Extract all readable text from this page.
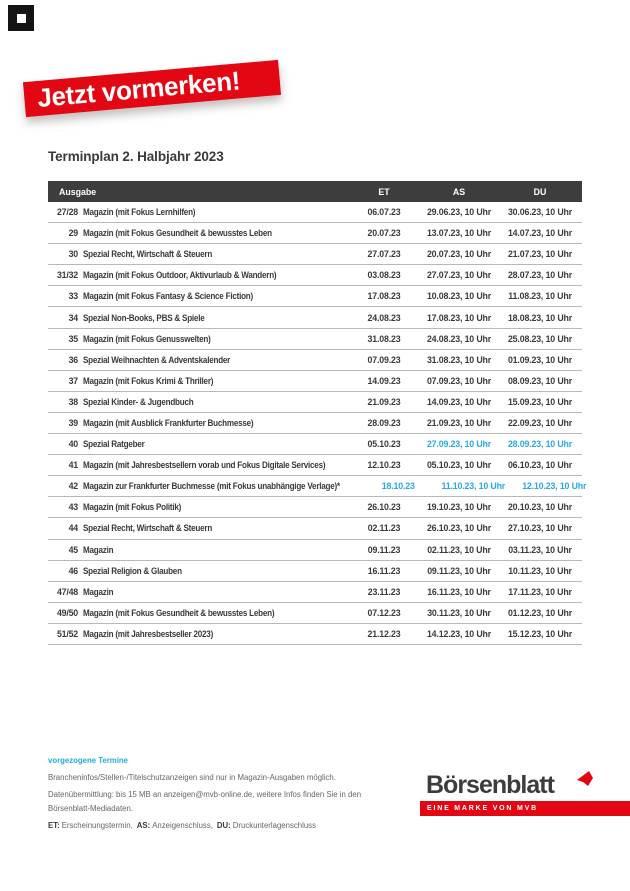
Jetzt vormerken!
Terminplan 2. Halbjahr 2023
Ausgabe	ET	AS	DU
27/28 Magazin (mit Fokus Lernhilfen)	06.07.23	29.06.23, 10 Uhr	30.06.23, 10 Uhr
29 Magazin (mit Fokus Gesundheit & bewusstes Leben	20.07.23	13.07.23, 10 Uhr	14.07.23, 10 Uhr
30 Spezial Recht, Wirtschaft & Steuern	27.07.23	20.07.23, 10 Uhr	21.07.23, 10 Uhr
31/32 Magazin (mit Fokus Outdoor, Aktivurlaub & Wandern)	03.08.23	27.07.23, 10 Uhr	28.07.23, 10 Uhr
33 Magazin (mit Fokus Fantasy & Science Fiction)	17.08.23	10.08.23, 10 Uhr	11.08.23, 10 Uhr
34 Spezial Non-Books, PBS & Spiele	24.08.23	17.08.23, 10 Uhr	18.08.23, 10 Uhr
35 Magazin (mit Fokus Genusswelten)	31.08.23	24.08.23, 10 Uhr	25.08.23, 10 Uhr
36 Spezial Weihnachten & Adventskalender	07.09.23	31.08.23, 10 Uhr	01.09.23, 10 Uhr
37 Magazin (mit Fokus Krimi & Thriller)	14.09.23	07.09.23, 10 Uhr	08.09.23, 10 Uhr
38 Spezial Kinder- & Jugendbuch	21.09.23	14.09.23, 10 Uhr	15.09.23, 10 Uhr
39 Magazin (mit Ausblick Frankfurter Buchmesse)	28.09.23	21.09.23, 10 Uhr	22.09.23, 10 Uhr
40 Spezial Ratgeber	05.10.23	27.09.23, 10 Uhr	28.09.23, 10 Uhr
41 Magazin (mit Jahresbestsellern vorab und Fokus Digitale Services)	12.10.23	05.10.23, 10 Uhr	06.10.23, 10 Uhr
42 Magazin zur Frankfurter Buchmesse (mit Fokus unabhängige Verlage)*	18.10.23	11.10.23, 10 Uhr	12.10.23, 10 Uhr
43 Magazin (mit Fokus Politik)	26.10.23	19.10.23, 10 Uhr	20.10.23, 10 Uhr
44 Spezial Recht, Wirtschaft & Steuern	02.11.23	26.10.23, 10 Uhr	27.10.23, 10 Uhr
45 Magazin	09.11.23	02.11.23, 10 Uhr	03.11.23, 10 Uhr
46 Spezial Religion & Glauben	16.11.23	09.11.23, 10 Uhr	10.11.23, 10 Uhr
47/48 Magazin	23.11.23	16.11.23, 10 Uhr	17.11.23, 10 Uhr
49/50 Magazin (mit Fokus Gesundheit & bewusstes Leben)	07.12.23	30.11.23, 10 Uhr	01.12.23, 10 Uhr
51/52 Magazin (mit Jahresbestseller 2023)	21.12.23	14.12.23, 10 Uhr	15.12.23, 10 Uhr
vorgezogene Termine
Brancheninfos/Stellen-/Titelschutzanzeigen sind nur in Magazin-Ausgaben möglich.
Datenübermittlung: bis 15 MB an anzeigen@mvb-online.de, weitere Infos finden Sie in den Börsenblatt-Mediadaten.
ET: Erscheinungstermin, AS: Anzeigenschluss, DU: Druckunterlagenschluss
Börsenblatt
EINE MARKE VON MVB
